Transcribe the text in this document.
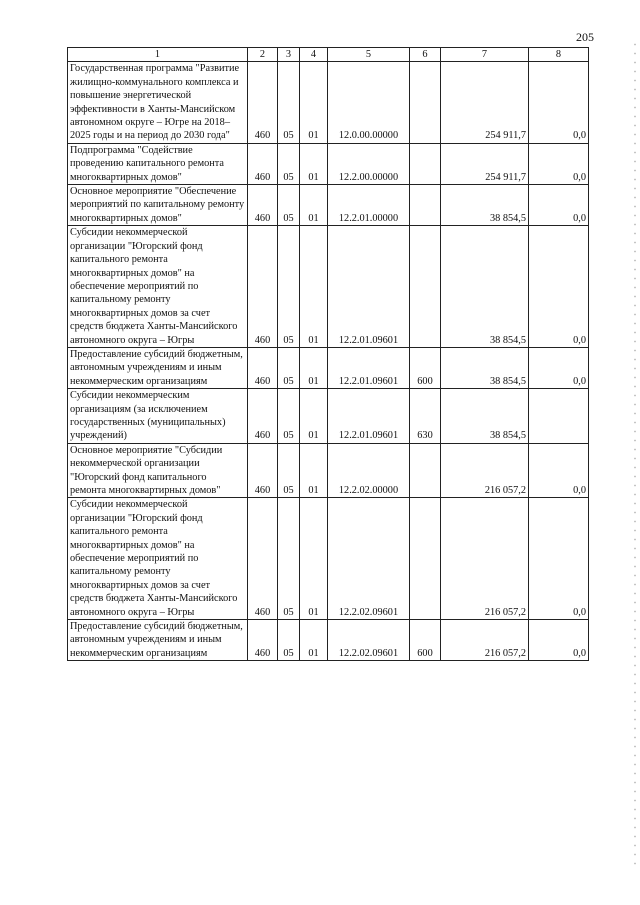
205
1	2	3	4	5	6	7	8
Государственная программа "Развитие жилищно-коммунального комплекса и повышение энергетической эффективности в Ханты-Мансийском автономном округе – Югре на 2018–2025 годы и на период до 2030 года"	460	05	01	12.0.00.00000		254 911,7	0,0
Подпрограмма "Содействие проведению капитального ремонта многоквартирных домов"	460	05	01	12.2.00.00000		254 911,7	0,0
Основное мероприятие "Обеспечение мероприятий по капитальному ремонту многоквартирных домов"	460	05	01	12.2.01.00000		38 854,5	0,0
Субсидии некоммерческой организации "Югорский фонд капитального ремонта многоквартирных домов" на обеспечение мероприятий по капитальному ремонту многоквартирных домов за счет средств бюджета Ханты-Мансийского автономного округа – Югры	460	05	01	12.2.01.09601		38 854,5	0,0
Предоставление субсидий бюджетным, автономным учреждениям и иным некоммерческим организациям	460	05	01	12.2.01.09601	600	38 854,5	0,0
Субсидии некоммерческим организациям (за исключением государственных (муниципальных) учреждений)	460	05	01	12.2.01.09601	630	38 854,5	
Основное мероприятие "Субсидии некоммерческой организации "Югорский фонд капитального ремонта многоквартирных домов"	460	05	01	12.2.02.00000		216 057,2	0,0
Субсидии некоммерческой организации "Югорский фонд капитального ремонта многоквартирных домов" на обеспечение мероприятий по капитальному ремонту многоквартирных домов за счет средств бюджета Ханты-Мансийского автономного округа – Югры	460	05	01	12.2.02.09601		216 057,2	0,0
Предоставление субсидий бюджетным, автономным учреждениям и иным некоммерческим организациям	460	05	01	12.2.02.09601	600	216 057,2	0,0
